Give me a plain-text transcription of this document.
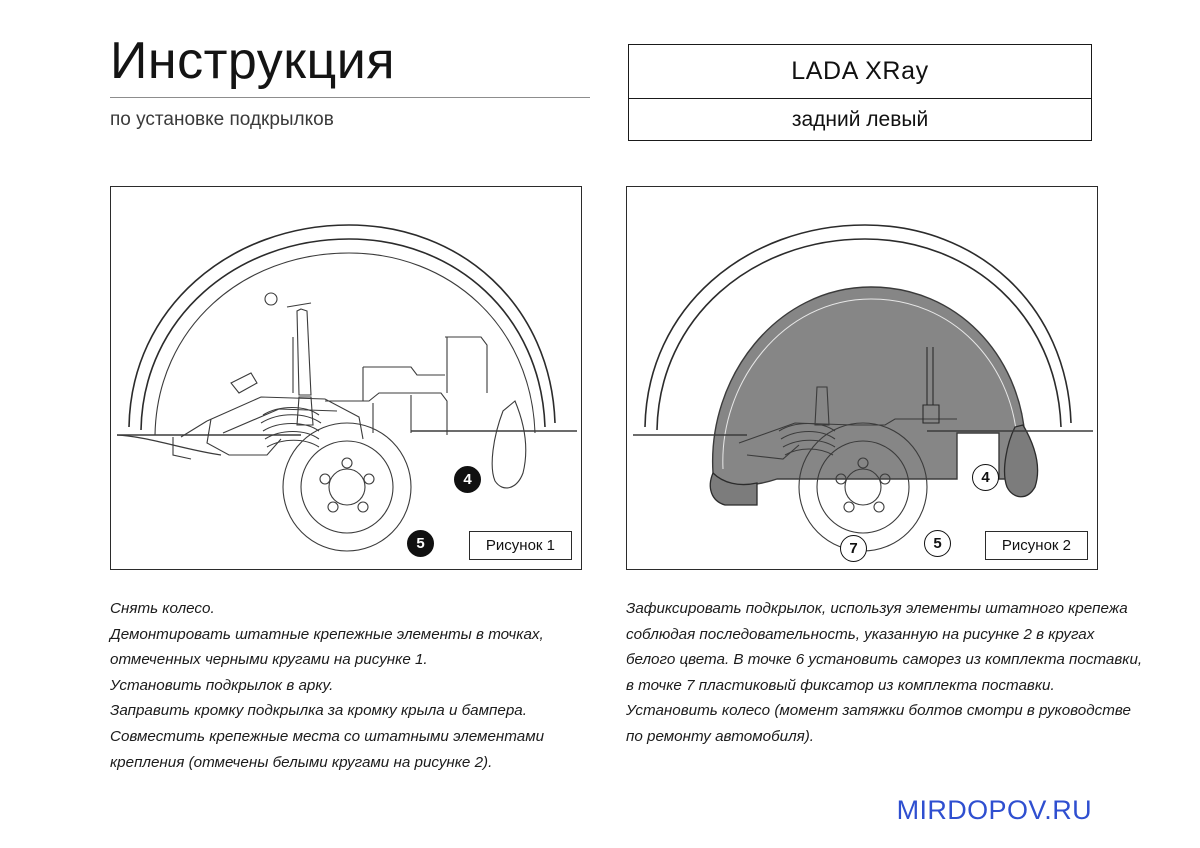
Инструкция
по установке подкрылков
LADA XRay
задний левый
4
5	Рисунок 1
4
7	5	Рисунок 2

Снять колесо.

Демонтировать штатные крепежные элементы в точках, отмеченных черными кругами на рисунке 1.

Установить подкрылок в арку.

Заправить кромку подкрылка за кромку крыла и бампера.

Совместить крепежные места со штатными элементами крепления (отмечены белыми кругами на рисунке 2).

Зафиксировать подкрылок, используя элементы штатного крепежа соблюдая последовательность, указанную на рисунке 2 в кругах белого цвета. В точке 6 установить саморез из комплекта поставки, в точке 7 пластиковый фиксатор из комплекта поставки.

Установить колесо (момент затяжки болтов смотри в руководстве по ремонту автомобиля).

MIRDOPOV.RU
